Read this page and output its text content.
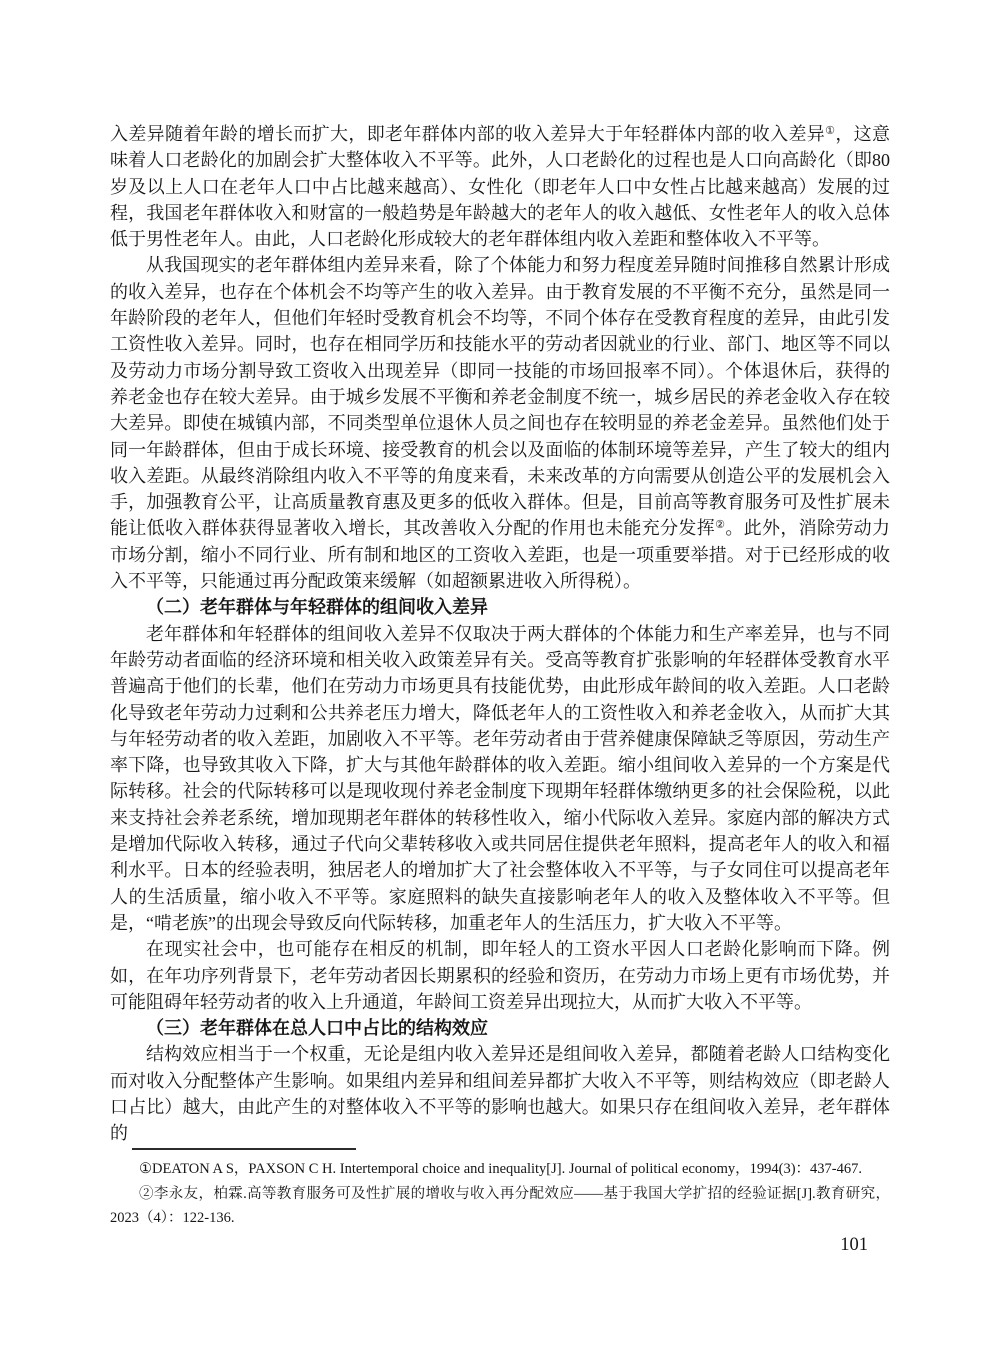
入差异随着年龄的增长而扩大，即老年群体内部的收入差异大于年轻群体内部的收入差异①，这意味着人口老龄化的加剧会扩大整体收入不平等。此外，人口老龄化的过程也是人口向高龄化（即80岁及以上人口在老年人口中占比越来越高）、女性化（即老年人口中女性占比越来越高）发展的过程，我国老年群体收入和财富的一般趋势是年龄越大的老年人的收入越低、女性老年人的收入总体低于男性老年人。由此，人口老龄化形成较大的老年群体组内收入差距和整体收入不平等。

从我国现实的老年群体组内差异来看，除了个体能力和努力程度差异随时间推移自然累计形成的收入差异，也存在个体机会不均等产生的收入差异。由于教育发展的不平衡不充分，虽然是同一年龄阶段的老年人，但他们年轻时受教育机会不均等，不同个体存在受教育程度的差异，由此引发工资性收入差异。同时，也存在相同学历和技能水平的劳动者因就业的行业、部门、地区等不同以及劳动力市场分割导致工资收入出现差异（即同一技能的市场回报率不同）。个体退休后，获得的养老金也存在较大差异。由于城乡发展不平衡和养老金制度不统一，城乡居民的养老金收入存在较大差异。即使在城镇内部，不同类型单位退休人员之间也存在较明显的养老金差异。虽然他们处于同一年龄群体，但由于成长环境、接受教育的机会以及面临的体制环境等差异，产生了较大的组内收入差距。从最终消除组内收入不平等的角度来看，未来改革的方向需要从创造公平的发展机会入手，加强教育公平，让高质量教育惠及更多的低收入群体。但是，目前高等教育服务可及性扩展未能让低收入群体获得显著收入增长，其改善收入分配的作用也未能充分发挥②。此外，消除劳动力市场分割，缩小不同行业、所有制和地区的工资收入差距，也是一项重要举措。对于已经形成的收入不平等，只能通过再分配政策来缓解（如超额累进收入所得税）。

（二）老年群体与年轻群体的组间收入差异

老年群体和年轻群体的组间收入差异不仅取决于两大群体的个体能力和生产率差异，也与不同年龄劳动者面临的经济环境和相关收入政策差异有关。受高等教育扩张影响的年轻群体受教育水平普遍高于他们的长辈，他们在劳动力市场更具有技能优势，由此形成年龄间的收入差距。人口老龄化导致老年劳动力过剩和公共养老压力增大，降低老年人的工资性收入和养老金收入，从而扩大其与年轻劳动者的收入差距，加剧收入不平等。老年劳动者由于营养健康保障缺乏等原因，劳动生产率下降，也导致其收入下降，扩大与其他年龄群体的收入差距。缩小组间收入差异的一个方案是代际转移。社会的代际转移可以是现收现付养老金制度下现期年轻群体缴纳更多的社会保险税，以此来支持社会养老系统，增加现期老年群体的转移性收入，缩小代际收入差异。家庭内部的解决方式是增加代际收入转移，通过子代向父辈转移收入或共同居住提供老年照料，提高老年人的收入和福利水平。日本的经验表明，独居老人的增加扩大了社会整体收入不平等，与子女同住可以提高老年人的生活质量，缩小收入不平等。家庭照料的缺失直接影响老年人的收入及整体收入不平等。但是，“啃老族”的出现会导致反向代际转移，加重老年人的生活压力，扩大收入不平等。

在现实社会中，也可能存在相反的机制，即年轻人的工资水平因人口老龄化影响而下降。例如，在年功序列背景下，老年劳动者因长期累积的经验和资历，在劳动力市场上更有市场优势，并可能阻碍年轻劳动者的收入上升通道，年龄间工资差异出现拉大，从而扩大收入不平等。

（三）老年群体在总人口中占比的结构效应

结构效应相当于一个权重，无论是组内收入差异还是组间收入差异，都随着老龄人口结构变化而对收入分配整体产生影响。如果组内差异和组间差异都扩大收入不平等，则结构效应（即老龄人口占比）越大，由此产生的对整体收入不平等的影响也越大。如果只存在组间收入差异，老年群体的

①DEATON A S，PAXSON C H. Intertemporal choice and inequality[J]. Journal of political economy，1994(3)：437-467.

②李永友，柏霖.高等教育服务可及性扩展的增收与收入再分配效应——基于我国大学扩招的经验证据[J].教育研究，2023（4）：122-136.

101
